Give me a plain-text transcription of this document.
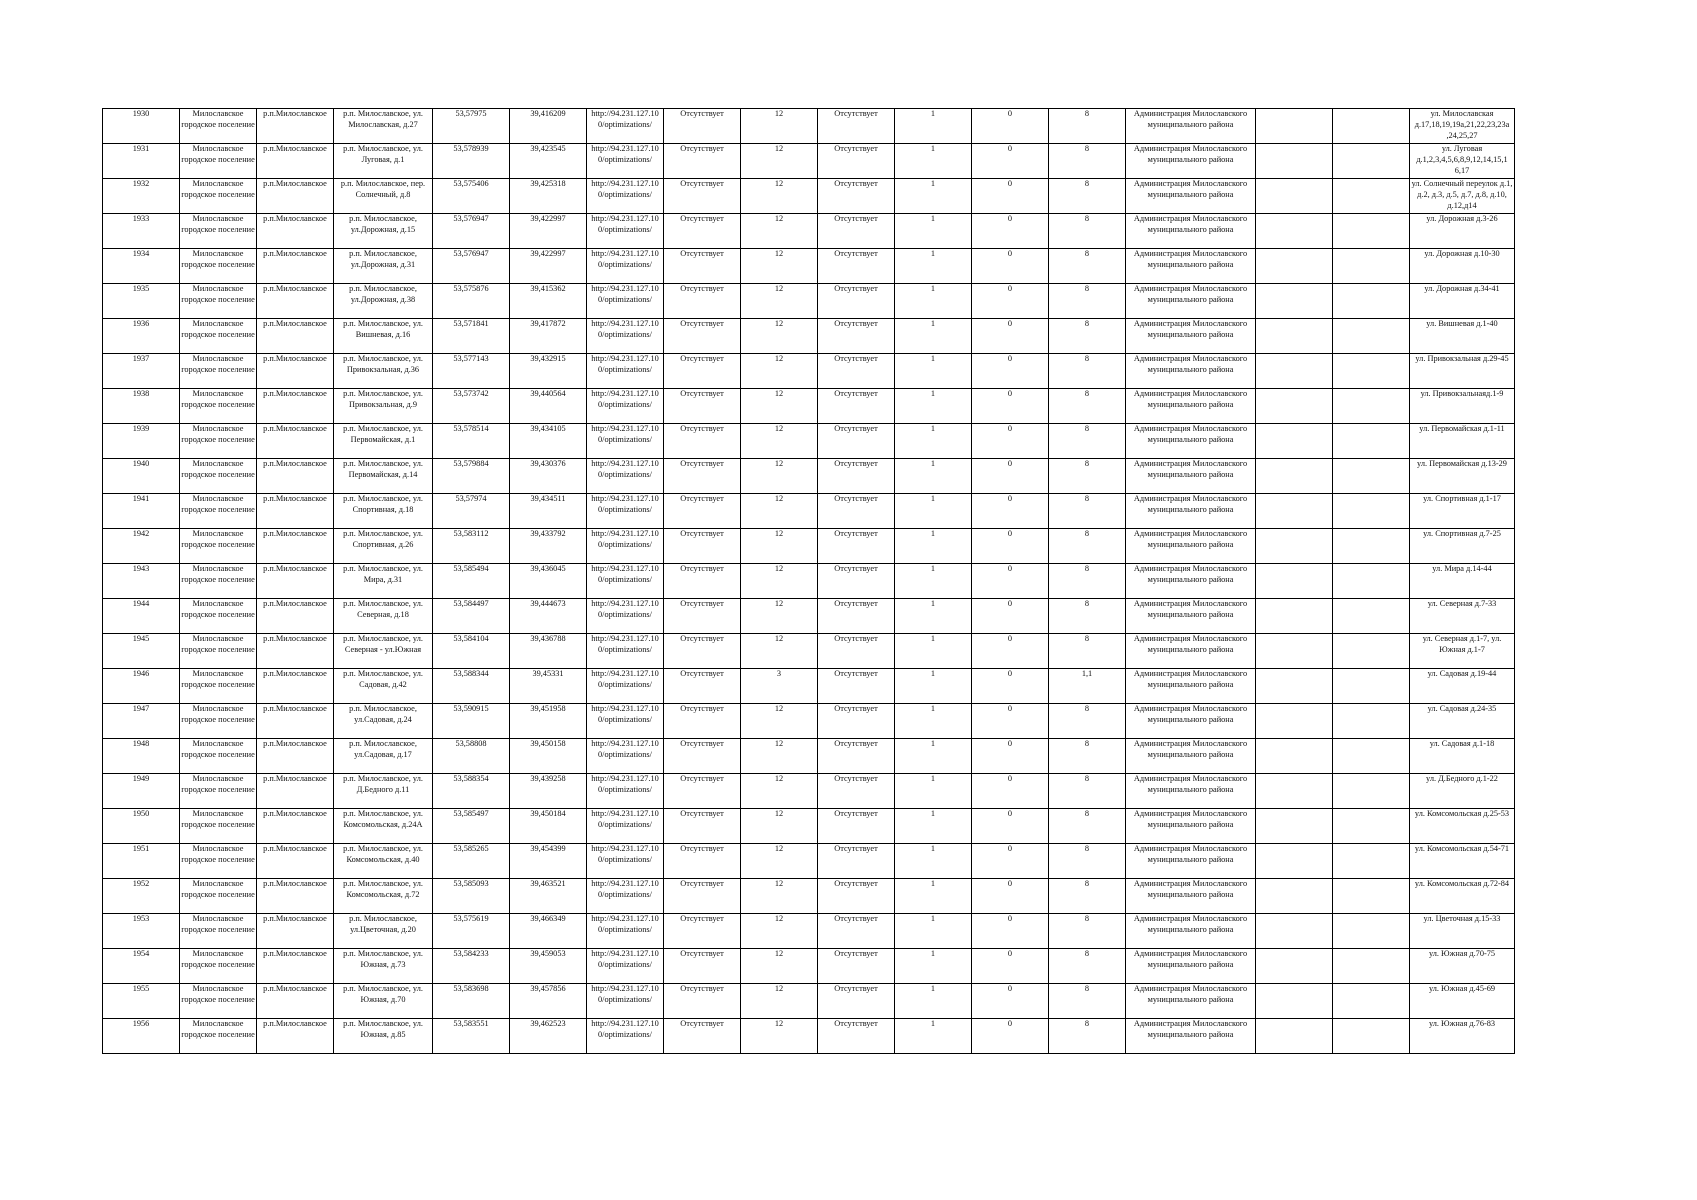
1930	Милославское городское поселение	р.п.Милославское	р.п. Милославское, ул. Милославская, д.27	53,57975	39,416209	http://94.231.127.10 0/optimizations/	Отсутствует	12	Отсутствует	1	0	8	Администрация Милославского муниципального района			ул. Милославская д.17,18,19,19а,21,22,23,23а ,24,25,27
1931	Милославское городское поселение	р.п.Милославское	р.п. Милославское, ул. Луговая, д.1	53,578939	39,423545	http://94.231.127.10 0/optimizations/	Отсутствует	12	Отсутствует	1	0	8	Администрация Милославского муниципального района			ул. Луговая д.1,2,3,4,5,6,8,9,12,14,15,1 6,17
1932	Милославское городское поселение	р.п.Милославское	р.п. Милославское, пер. Солнечный, д.8	53,575406	39,425318	http://94.231.127.10 0/optimizations/	Отсутствует	12	Отсутствует	1	0	8	Администрация Милославского муниципального района			ул. Солнечный переулок д.1, д.2, д.3, д.5, д.7, д.8, д.10, д.12,д14
1933	Милославское городское поселение	р.п.Милославское	р.п. Милославское, ул.Дорожная, д.15	53,576947	39,422997	http://94.231.127.10 0/optimizations/	Отсутствует	12	Отсутствует	1	0	8	Администрация Милославского муниципального района			ул. Дорожная д.3-26
1934	Милославское городское поселение	р.п.Милославское	р.п. Милославское, ул.Дорожная, д.31	53,576947	39,422997	http://94.231.127.10 0/optimizations/	Отсутствует	12	Отсутствует	1	0	8	Администрация Милославского муниципального района			ул. Дорожная д.10-30
1935	Милославское городское поселение	р.п.Милославское	р.п. Милославское, ул.Дорожная, д.38	53,575876	39,415362	http://94.231.127.10 0/optimizations/	Отсутствует	12	Отсутствует	1	0	8	Администрация Милославского муниципального района			ул. Дорожная д.34-41
1936	Милославское городское поселение	р.п.Милославское	р.п. Милославское, ул. Вишневая, д.16	53,571841	39,417872	http://94.231.127.10 0/optimizations/	Отсутствует	12	Отсутствует	1	0	8	Администрация Милославского муниципального района			ул. Вишневая д.1-40
1937	Милославское городское поселение	р.п.Милославское	р.п. Милославское, ул. Привокзальная, д.36	53,577143	39,432915	http://94.231.127.10 0/optimizations/	Отсутствует	12	Отсутствует	1	0	8	Администрация Милославского муниципального района			ул. Привокзальная д.29-45
1938	Милославское городское поселение	р.п.Милославское	р.п. Милославское, ул. Привокзальная, д.9	53,573742	39,440564	http://94.231.127.10 0/optimizations/	Отсутствует	12	Отсутствует	1	0	8	Администрация Милославского муниципального района			ул. Привокзальнаяд.1-9
1939	Милославское городское поселение	р.п.Милославское	р.п. Милославское, ул. Первомайская, д.1	53,578514	39,434105	http://94.231.127.10 0/optimizations/	Отсутствует	12	Отсутствует	1	0	8	Администрация Милославского муниципального района			ул. Первомайская д.1-11
1940	Милославское городское поселение	р.п.Милославское	р.п. Милославское, ул. Первомайская, д.14	53,579884	39,430376	http://94.231.127.10 0/optimizations/	Отсутствует	12	Отсутствует	1	0	8	Администрация Милославского муниципального района			ул. Первомайская д.13-29
1941	Милославское городское поселение	р.п.Милославское	р.п. Милославское, ул. Спортивная, д.18	53,57974	39,434511	http://94.231.127.10 0/optimizations/	Отсутствует	12	Отсутствует	1	0	8	Администрация Милославского муниципального района			ул. Спортивная д.1-17
1942	Милославское городское поселение	р.п.Милославское	р.п. Милославское, ул. Спортивная, д.26	53,583112	39,433792	http://94.231.127.10 0/optimizations/	Отсутствует	12	Отсутствует	1	0	8	Администрация Милославского муниципального района			ул. Спортивная д.7-25
1943	Милославское городское поселение	р.п.Милославское	р.п. Милославское, ул. Мира, д.31	53,585494	39,436045	http://94.231.127.10 0/optimizations/	Отсутствует	12	Отсутствует	1	0	8	Администрация Милославского муниципального района			ул. Мира д.14-44
1944	Милославское городское поселение	р.п.Милославское	р.п. Милославское, ул. Северная, д.18	53,584497	39,444673	http://94.231.127.10 0/optimizations/	Отсутствует	12	Отсутствует	1	0	8	Администрация Милославского муниципального района			ул. Северная д.7-33
1945	Милославское городское поселение	р.п.Милославское	р.п. Милославское, ул. Северная - ул.Южная	53,584104	39,436788	http://94.231.127.10 0/optimizations/	Отсутствует	12	Отсутствует	1	0	8	Администрация Милославского муниципального района			ул. Северная д.1-7, ул. Южная д.1-7
1946	Милославское городское поселение	р.п.Милославское	р.п. Милославское, ул. Садовая, д.42	53,588344	39,45331	http://94.231.127.10 0/optimizations/	Отсутствует	3	Отсутствует	1	0	1,1	Администрация Милославского муниципального района			ул. Садовая д.19-44
1947	Милославское городское поселение	р.п.Милославское	р.п. Милославское, ул.Садовая, д.24	53,590915	39,451958	http://94.231.127.10 0/optimizations/	Отсутствует	12	Отсутствует	1	0	8	Администрация Милославского муниципального района			ул. Садовая д.24-35
1948	Милославское городское поселение	р.п.Милославское	р.п. Милославское, ул.Садовая, д.17	53,58808	39,450158	http://94.231.127.10 0/optimizations/	Отсутствует	12	Отсутствует	1	0	8	Администрация Милославского муниципального района			ул. Садовая д.1-18
1949	Милославское городское поселение	р.п.Милославское	р.п. Милославское, ул. Д.Бедного д.11	53,588354	39,439258	http://94.231.127.10 0/optimizations/	Отсутствует	12	Отсутствует	1	0	8	Администрация Милославского муниципального района			ул. Д.Бедного д.1-22
1950	Милославское городское поселение	р.п.Милославское	р.п. Милославское, ул. Комсомольская, д.24А	53,585497	39,450184	http://94.231.127.10 0/optimizations/	Отсутствует	12	Отсутствует	1	0	8	Администрация Милославского муниципального района			ул. Комсомольская д.25-53
1951	Милославское городское поселение	р.п.Милославское	р.п. Милославское, ул. Комсомольская, д.40	53,585265	39,454399	http://94.231.127.10 0/optimizations/	Отсутствует	12	Отсутствует	1	0	8	Администрация Милославского муниципального района			ул. Комсомольская д.54-71
1952	Милославское городское поселение	р.п.Милославское	р.п. Милославское, ул. Комсомольская, д.72	53,585093	39,463521	http://94.231.127.10 0/optimizations/	Отсутствует	12	Отсутствует	1	0	8	Администрация Милославского муниципального района			ул. Комсомольская д.72-84
1953	Милославское городское поселение	р.п.Милославское	р.п. Милославское, ул.Цветочная, д.20	53,575619	39,466349	http://94.231.127.10 0/optimizations/	Отсутствует	12	Отсутствует	1	0	8	Администрация Милославского муниципального района			ул. Цветочная д.15-33
1954	Милославское городское поселение	р.п.Милославское	р.п. Милославское, ул. Южная, д.73	53,584233	39,459053	http://94.231.127.10 0/optimizations/	Отсутствует	12	Отсутствует	1	0	8	Администрация Милославского муниципального района			ул. Южная д.70-75
1955	Милославское городское поселение	р.п.Милославское	р.п. Милославское, ул. Южная, д.70	53,583698	39,457856	http://94.231.127.10 0/optimizations/	Отсутствует	12	Отсутствует	1	0	8	Администрация Милославского муниципального района			ул. Южная д.45-69
1956	Милославское городское поселение	р.п.Милославское	р.п. Милославское, ул. Южная, д.85	53,583551	39,462523	http://94.231.127.10 0/optimizations/	Отсутствует	12	Отсутствует	1	0	8	Администрация Милославского муниципального района			ул. Южная д.76-83
